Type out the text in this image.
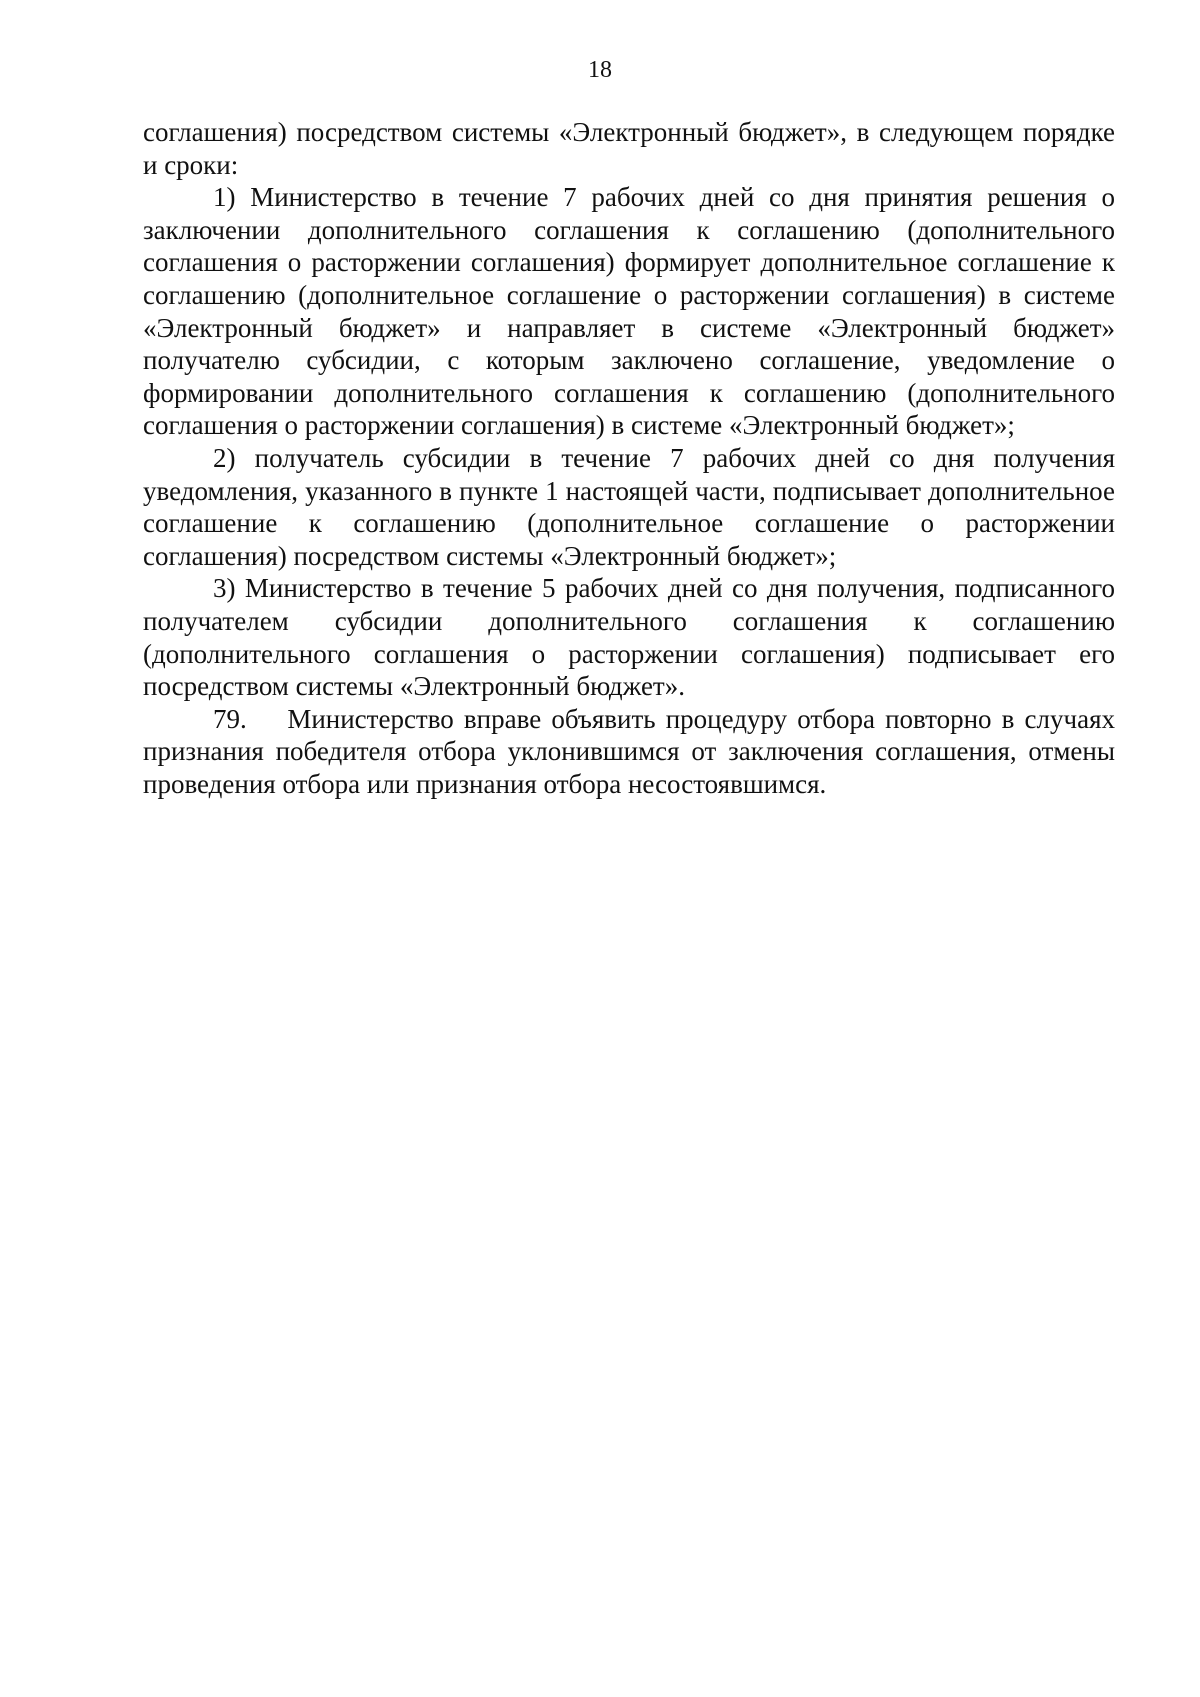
18

соглашения) посредством системы «Электронный бюджет», в следующем порядке и сроки:

1) Министерство в течение 7 рабочих дней со дня принятия решения о заключении дополнительного соглашения к соглашению (дополнительного соглашения о расторжении соглашения) формирует дополнительное соглашение к соглашению (дополнительное соглашение о расторжении соглашения) в системе «Электронный бюджет» и направляет в системе «Электронный бюджет» получателю субсидии, с которым заключено соглашение, уведомление о формировании дополнительного соглашения к соглашению (дополнительного соглашения о расторжении соглашения) в системе «Электронный бюджет»;

2) получатель субсидии в течение 7 рабочих дней со дня получения уведомления, указанного в пункте 1 настоящей части, подписывает дополнительное соглашение к соглашению (дополнительное соглашение о расторжении соглашения) посредством системы «Электронный бюджет»;

3) Министерство в течение 5 рабочих дней со дня получения, подписанного получателем субсидии дополнительного соглашения к соглашению (дополнительного соглашения о расторжении соглашения) подписывает его посредством системы «Электронный бюджет».

79.    Министерство вправе объявить процедуру отбора повторно в случаях признания победителя отбора уклонившимся от заключения соглашения, отмены проведения отбора или признания отбора несостоявшимся.
